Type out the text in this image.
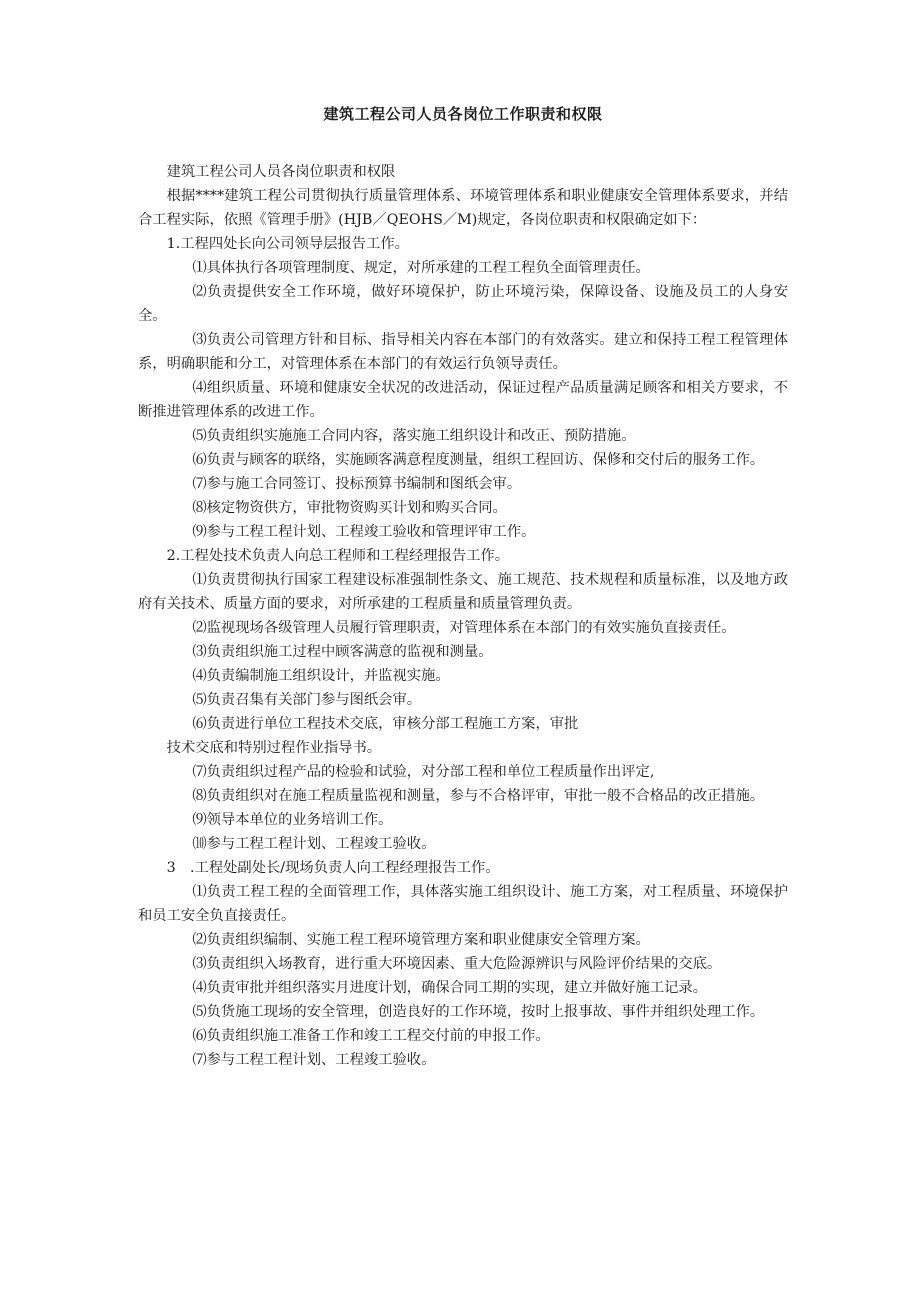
建筑工程公司人员各岗位工作职责和权限

建筑工程公司人员各岗位职责和权限

根据****建筑工程公司贯彻执行质量管理体系、环境管理体系和职业健康安全管理体系要求，并结合工程实际，依照《管理手册》(HJB／QEOHS／M)规定，各岗位职责和权限确定如下：

1.工程四处长向公司领导层报告工作。

⑴具体执行各项管理制度、规定，对所承建的工程工程负全面管理责任。

⑵负责提供安全工作环境，做好环境保护，防止环境污染，保障设备、设施及员工的人身安全。

⑶负责公司管理方针和目标、指导相关内容在本部门的有效落实。建立和保持工程工程管理体系，明确职能和分工，对管理体系在本部门的有效运行负领导责任。

⑷组织质量、环境和健康安全状况的改进活动，保证过程产品质量满足顾客和相关方要求，不断推进管理体系的改进工作。

⑸负责组织实施施工合同内容，落实施工组织设计和改正、预防措施。

⑹负责与顾客的联络，实施顾客满意程度测量，组织工程回访、保修和交付后的服务工作。

⑺参与施工合同签订、投标预算书编制和图纸会审。

⑻核定物资供方，审批物资购买计划和购买合同。

⑼参与工程工程计划、工程竣工验收和管理评审工作。

2.工程处技术负责人向总工程师和工程经理报告工作。

⑴负责贯彻执行国家工程建设标准强制性条文、施工规范、技术规程和质量标准，以及地方政府有关技术、质量方面的要求，对所承建的工程质量和质量管理负责。

⑵监视现场各级管理人员履行管理职责，对管理体系在本部门的有效实施负直接责任。

⑶负责组织施工过程中顾客满意的监视和测量。

⑷负责编制施工组织设计，并监视实施。

⑸负责召集有关部门参与图纸会审。

⑹负责进行单位工程技术交底，审核分部工程施工方案，审批

技术交底和特别过程作业指导书。

⑺负责组织过程产品的检验和试验，对分部工程和单位工程质量作出评定,

⑻负责组织对在施工程质量监视和测量，参与不合格评审，审批一般不合格品的改正措施。

⑼领导本单位的业务培训工作。

⑽参与工程工程计划、工程竣工验收。

3　.工程处副处长/现场负责人向工程经理报告工作。

⑴负责工程工程的全面管理工作，具体落实施工组织设计、施工方案，对工程质量、环境保护和员工安全负直接责任。

⑵负责组织编制、实施工程工程环境管理方案和职业健康安全管理方案。

⑶负责组织入场教育，进行重大环境因素、重大危险源辨识与风险评价结果的交底。

⑷负责审批并组织落实月进度计划，确保合同工期的实现，建立并做好施工记录。

⑸负货施工现场的安全管理，创造良好的工作环境，按时上报事故、事件并组织处理工作。

⑹负责组织施工准备工作和竣工工程交付前的申报工作。

⑺参与工程工程计划、工程竣工验收。
